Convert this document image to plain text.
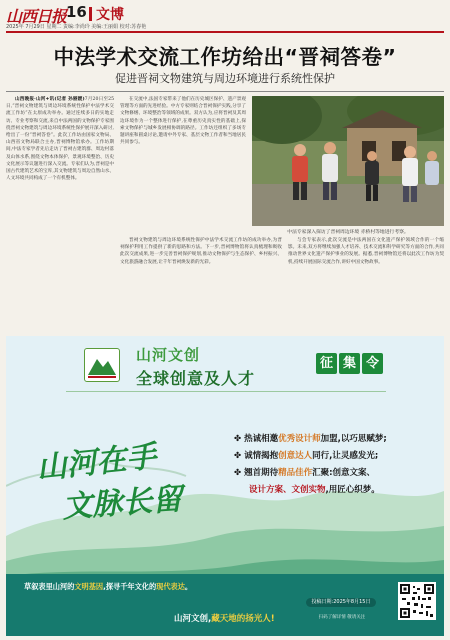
山西日报 16 文博
2025年 7月29日 星期二 责编:李尚玲 美编:王丽娟 校对:苏春艳
中法学术交流工作坊给出“晋祠答卷”
促进晋祠文物建筑与周边环境进行系统性保护

山西晚报·山河+讯(记者 孙丽媛)7月20日至25日,“晋祠文物建筑与周边环境系统性保护中法学术交流工作坊”在太原成功举办。通过连续多日的实地走访、专业考察和交流,来自中法两国的文物保护专家围绕晋祠文物建筑与周边环境系统性保护展开深入研讨,给出了一份“晋祠答卷”。此次工作坊由国家文物局、山西省文物局联合主办,晋祠博物馆承办。工作坊期间,中法专家学者先后走访了晋祠古建筑群、周边村落及山体水系,围绕文物本体保护、景观环境整治、历史文化展示等议题进行深入交流。专家们认为,晋祠是中国古代建筑艺术的宝库,其文物建筑与周边自然山水、人文环境共同构成了一个有机整体。

在交流中,法国专家带来了他们在历史城区保护、遗产景观管理等方面的先进经验。中方专家则结合晋祠保护实践,分享了文物修缮、环境整治等领域的成果。双方认为,应将晋祠及其周边环境作为一个整体进行保护,在尊重历史真实性的基础上,探索文物保护与城乡发展相协调的路径。工作坊还组织了多场专题讲座和圆桌讨论,邀请中外专家、基层文物工作者和当地居民共同参与。

中法专家深入探访了晋祠周边环境 赤桥村等地进行考察。

晋祠文物建筑与周边环境系统性保护中法学术交流工作坊的成功举办,为晋祠保护利用工作提供了新的思路和方法。下一步,晋祠博物馆将认真梳理和吸收此次交流成果,进一步完善晋祠保护规划,推动文物保护与生态保护、乡村振兴、文化旅游融合发展,让千年晋祠焕发新的光彩。

与会专家表示,此次交流是中法两国在文化遗产保护领域合作的一个缩影。未来,双方将继续加强人才培养、技术交流和科学研究等方面的合作,共同推动世界文化遗产保护事业的发展。据悉,晋祠博物馆还将以此次工作坊为契机,持续开展国际交流合作,讲好中国文物故事。

山河文创
全球创意及人才
征 集 令
山河在手
文脉长留
✤ 热诚相邀优秀设计师加盟,以巧思赋梦;
✤ 诚情揭抱创意达人同行,让灵感发光;
✤ 翘首期待精品佳作汇聚:创意文案、
设计方案、文创实物,用匠心织梦。
草叙表里山河的文明基因,探寻千年文化的现代表达。
山河文创,藏天地的扬光人!
投稿日期:2025年8月15日
扫码了解详情 敬请关注
